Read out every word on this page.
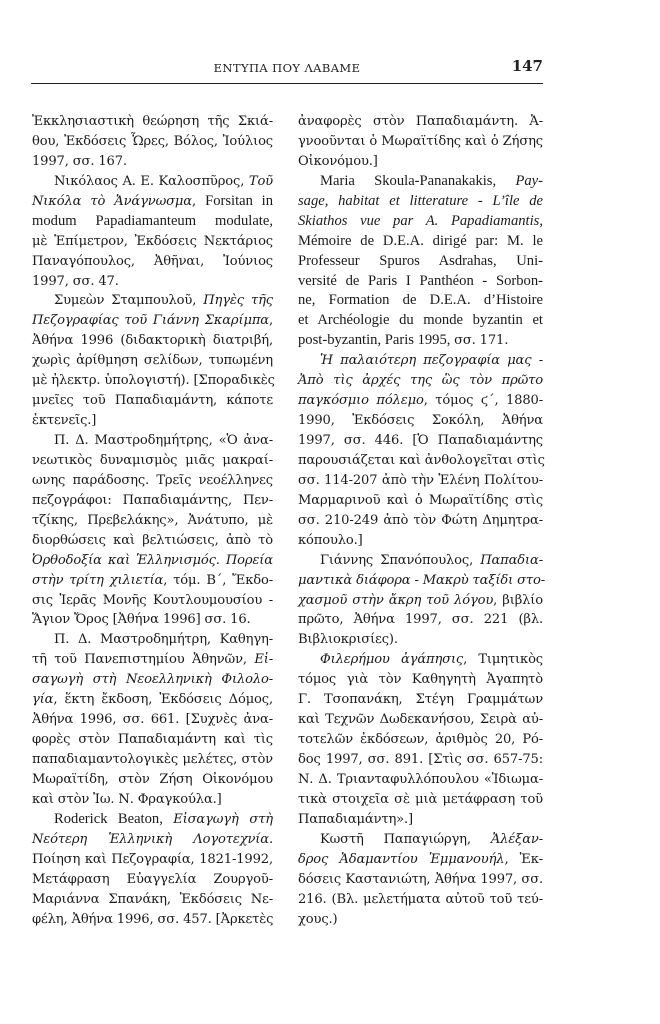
ΕΝΤΥΠΑ ΠΟΥ ΛΑΒΑΜΕ	147
Ἐκκλησιαστικὴ θεώρηση τῆς Σκιά-
θου, Ἐκδόσεις Ὧρες, Βόλος, Ἰούλιος
1997, σσ. 167.
Νικόλαος Α. Ε. Καλοσπῦρος, Τοῦ
Νικόλα τὸ Ἀνάγνωσμα, Forsitan in
modum Papadiamanteum modulate,
μὲ Ἐπίμετρον, Ἐκδόσεις Νεκτάριος
Παναγόπουλος, Ἀθῆναι, Ἰούνιος
1997, σσ. 47.
Συμεὼν Σταμπουλοῦ, Πηγὲς τῆς
Πεζογραφίας τοῦ Γιάννη Σκαρίμπα,
Ἀθήνα 1996 (διδακτορικὴ διατριβή,
χωρὶς ἀρίθμηση σελίδων, τυπωμένη
μὲ ἠλεκτρ. ὑπολογιστή). [Σποραδικὲς
μνεῖες τοῦ Παπαδιαμάντη, κάποτε
ἐκτενεῖς.]
Π. Δ. Μαστροδημήτρης, «Ὁ ἀνα-
νεωτικὸς δυναμισμὸς μιᾶς μακραί-
ωνης παράδοσης. Τρεῖς νεοέλληνες
πεζογράφοι: Παπαδιαμάντης, Πεν-
τζίκης, Πρεβελάκης», Ἀνάτυπο, μὲ
διορθώσεις καὶ βελτιώσεις, ἀπὸ τὸ
Ὀρθοδοξία καὶ Ἑλληνισμός. Πορεία
στὴν τρίτη χιλιετία, τόμ. Β΄, Ἔκδο-
σις Ἱερᾶς Μονῆς Κουτλουμουσίου -
Ἅγιον Ὄρος [Ἀθήνα 1996] σσ. 16.
Π. Δ. Μαστροδημήτρη, Καθηγη-
τῆ τοῦ Πανεπιστημίου Ἀθηνῶν, Εἰ-
σαγωγὴ στὴ Νεοελληνικὴ Φιλολο-
γία, ἕκτη ἔκδοση, Ἐκδόσεις Δόμος,
Ἀθήνα 1996, σσ. 661. [Συχνὲς ἀνα-
φορὲς στὸν Παπαδιαμάντη καὶ τὶς
παπαδιαμαντολογικὲς μελέτες, στὸν
Μωραϊτίδη, στὸν Ζήση Οἰκονόμου
καὶ στὸν Ἰω. Ν. Φραγκούλα.]
Roderick Beaton, Εἰσαγωγὴ στὴ
Νεότερη Ἑλληνικὴ Λογοτεχνία.
Ποίηση καὶ Πεζογραφία, 1821-1992,
Μετάφραση Εὐαγγελία Ζουργοῦ-
Μαριάννα Σπανάκη, Ἐκδόσεις Νε-
φέλη, Ἀθήνα 1996, σσ. 457. [Ἀρκετὲς
ἀναφορὲς στὸν Παπαδιαμάντη. Ἀ-
γνοοῦνται ὁ Μωραϊτίδης καὶ ὁ Ζήσης
Οἰκονόμου.]
Maria Skoula-Pananakakis, Pay-
sage, habitat et litterature - L’île de
Skiathos vue par A. Papadiamantis,
Mémoire de D.E.A. dirigé par: M. le
Professeur Spuros Asdrahas, Uni-
versité de Paris I Panthéon - Sorbon-
ne, Formation de D.E.A. d’Histoire
et Archéologie du monde byzantin et
post-byzantin, Paris 1995, σσ. 171.
Ἡ παλαιότερη πεζογραφία μας -
Ἀπὸ τὶς ἀρχές της ὣς τὸν πρῶτο
παγκόσμιο πόλεμο, τόμος ϛ΄, 1880-
1990, Ἐκδόσεις Σοκόλη, Ἀθήνα
1997, σσ. 446. [Ὁ Παπαδιαμάντης
παρουσιάζεται καὶ ἀνθολογεῖται στὶς
σσ. 114-207 ἀπὸ τὴν Ἑλένη Πολίτου-
Μαρμαρινοῦ καὶ ὁ Μωραϊτίδης στὶς
σσ. 210-249 ἀπὸ τὸν Φώτη Δημητρα-
κόπουλο.]
Γιάννης Σπανόπουλος, Παπαδια-
μαντικὰ διάφορα - Μακρὺ ταξίδι στο-
χασμοῦ στὴν ἄκρη τοῦ λόγου, βιβλίο
πρῶτο, Ἀθήνα 1997, σσ. 221 (βλ.
Βιβλιοκρισίες).
Φιλερήμου ἀγάπησις, Τιμητικὸς
τόμος γιὰ τὸν Καθηγητὴ Ἀγαπητὸ
Γ. Τσοπανάκη, Στέγη Γραμμάτων
καὶ Τεχνῶν Δωδεκανήσου, Σειρὰ αὐ-
τοτελῶν ἐκδόσεων, ἀριθμὸς 20, Ρό-
δος 1997, σσ. 891. [Στὶς σσ. 657-75:
Ν. Δ. Τριανταφυλλόπουλου «Ἰδιωμα-
τικὰ στοιχεῖα σὲ μιὰ μετάφραση τοῦ
Παπαδιαμάντη».]
Κωστῆ Παπαγιώργη, Ἀλέξαν-
δρος Ἀδαμαντίου Ἐμμανουήλ, Ἐκ-
δόσεις Καστανιώτη, Ἀθήνα 1997, σσ.
216. (Βλ. μελετήματα αὐτοῦ τοῦ τεύ-
χους.)
